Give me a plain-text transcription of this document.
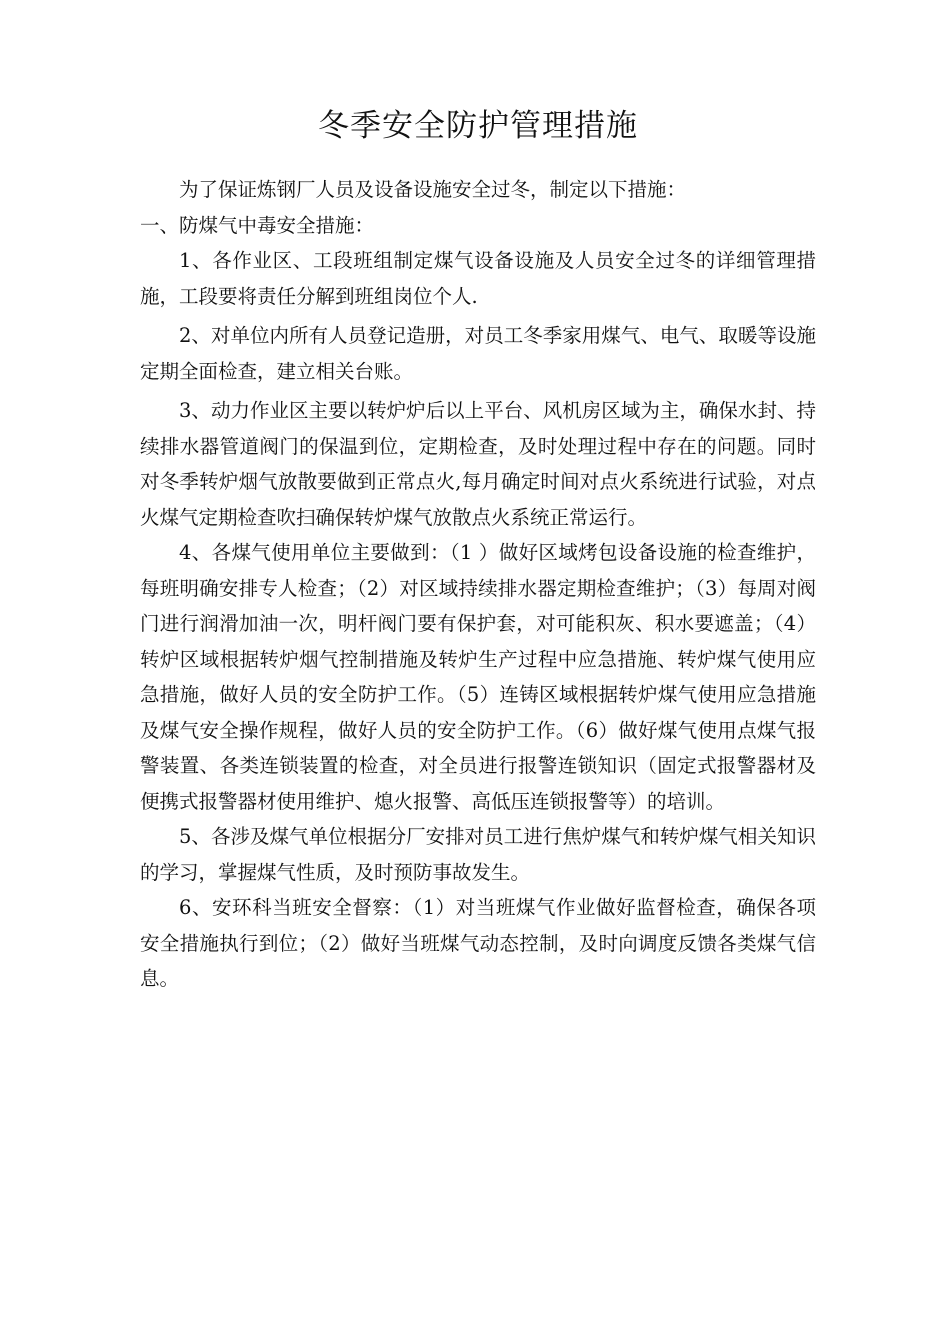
冬季安全防护管理措施

为了保证炼钢厂人员及设备设施安全过冬，制定以下措施：

一、防煤气中毒安全措施：

1、各作业区、工段班组制定煤气设备设施及人员安全过冬的详细管理措施，工段要将责任分解到班组岗位个人.

2、对单位内所有人员登记造册，对员工冬季家用煤气、电气、取暖等设施定期全面检查，建立相关台账。

3、动力作业区主要以转炉炉后以上平台、风机房区域为主，确保水封、持续排水器管道阀门的保温到位，定期检查，及时处理过程中存在的问题。同时对冬季转炉烟气放散要做到正常点火,每月确定时间对点火系统进行试验，对点火煤气定期检查吹扫确保转炉煤气放散点火系统正常运行。

4、各煤气使用单位主要做到：（1 ）做好区域烤包设备设施的检查维护，每班明确安排专人检查；（2）对区域持续排水器定期检查维护；（3）每周对阀门进行润滑加油一次，明杆阀门要有保护套，对可能积灰、积水要遮盖；（4）转炉区域根据转炉烟气控制措施及转炉生产过程中应急措施、转炉煤气使用应急措施，做好人员的安全防护工作。（5）连铸区域根据转炉煤气使用应急措施及煤气安全操作规程，做好人员的安全防护工作。（6）做好煤气使用点煤气报警装置、各类连锁装置的检查，对全员进行报警连锁知识（固定式报警器材及便携式报警器材使用维护、熄火报警、高低压连锁报警等）的培训。

5、各涉及煤气单位根据分厂安排对员工进行焦炉煤气和转炉煤气相关知识的学习，掌握煤气性质，及时预防事故发生。

6、安环科当班安全督察：（1）对当班煤气作业做好监督检查，确保各项安全措施执行到位；（2）做好当班煤气动态控制，及时向调度反馈各类煤气信息。
